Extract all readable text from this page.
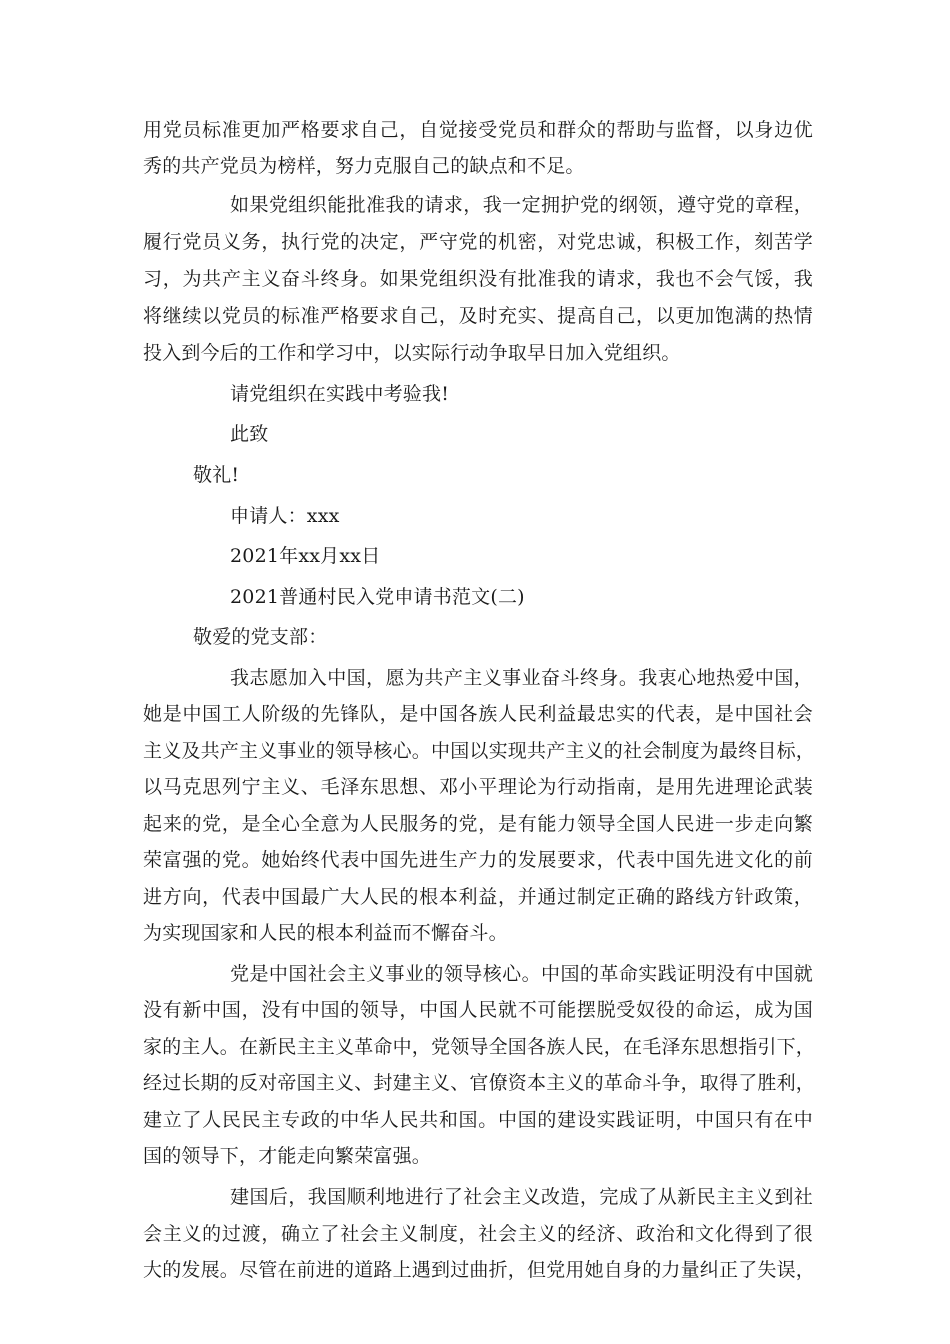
用党员标准更加严格要求自己，自觉接受党员和群众的帮助与监督，以身边优
秀的共产党员为榜样，努力克服自己的缺点和不足。
如果党组织能批准我的请求，我一定拥护党的纲领，遵守党的章程，
履行党员义务，执行党的决定，严守党的机密，对党忠诚，积极工作，刻苦学
习，为共产主义奋斗终身。如果党组织没有批准我的请求，我也不会气馁，我
将继续以党员的标准严格要求自己，及时充实、提高自己，以更加饱满的热情
投入到今后的工作和学习中，以实际行动争取早日加入党组织。
请党组织在实践中考验我!
此致
敬礼!
申请人：xxx
2021年xx月xx日
2021普通村民入党申请书范文(二)
敬爱的党支部：
我志愿加入中国，愿为共产主义事业奋斗终身。我衷心地热爱中国，
她是中国工人阶级的先锋队，是中国各族人民利益最忠实的代表，是中国社会
主义及共产主义事业的领导核心。中国以实现共产主义的社会制度为最终目标，
以马克思列宁主义、毛泽东思想、邓小平理论为行动指南，是用先进理论武装
起来的党，是全心全意为人民服务的党，是有能力领导全国人民进一步走向繁
荣富强的党。她始终代表中国先进生产力的发展要求，代表中国先进文化的前
进方向，代表中国最广大人民的根本利益，并通过制定正确的路线方针政策，
为实现国家和人民的根本利益而不懈奋斗。
党是中国社会主义事业的领导核心。中国的革命实践证明没有中国就
没有新中国，没有中国的领导，中国人民就不可能摆脱受奴役的命运，成为国
家的主人。在新民主主义革命中，党领导全国各族人民，在毛泽东思想指引下，
经过长期的反对帝国主义、封建主义、官僚资本主义的革命斗争，取得了胜利，
建立了人民民主专政的中华人民共和国。中国的建设实践证明，中国只有在中
国的领导下，才能走向繁荣富强。
建国后，我国顺利地进行了社会主义改造，完成了从新民主主义到社
会主义的过渡，确立了社会主义制度，社会主义的经济、政治和文化得到了很
大的发展。尽管在前进的道路上遇到过曲折，但党用她自身的力量纠正了失误，
